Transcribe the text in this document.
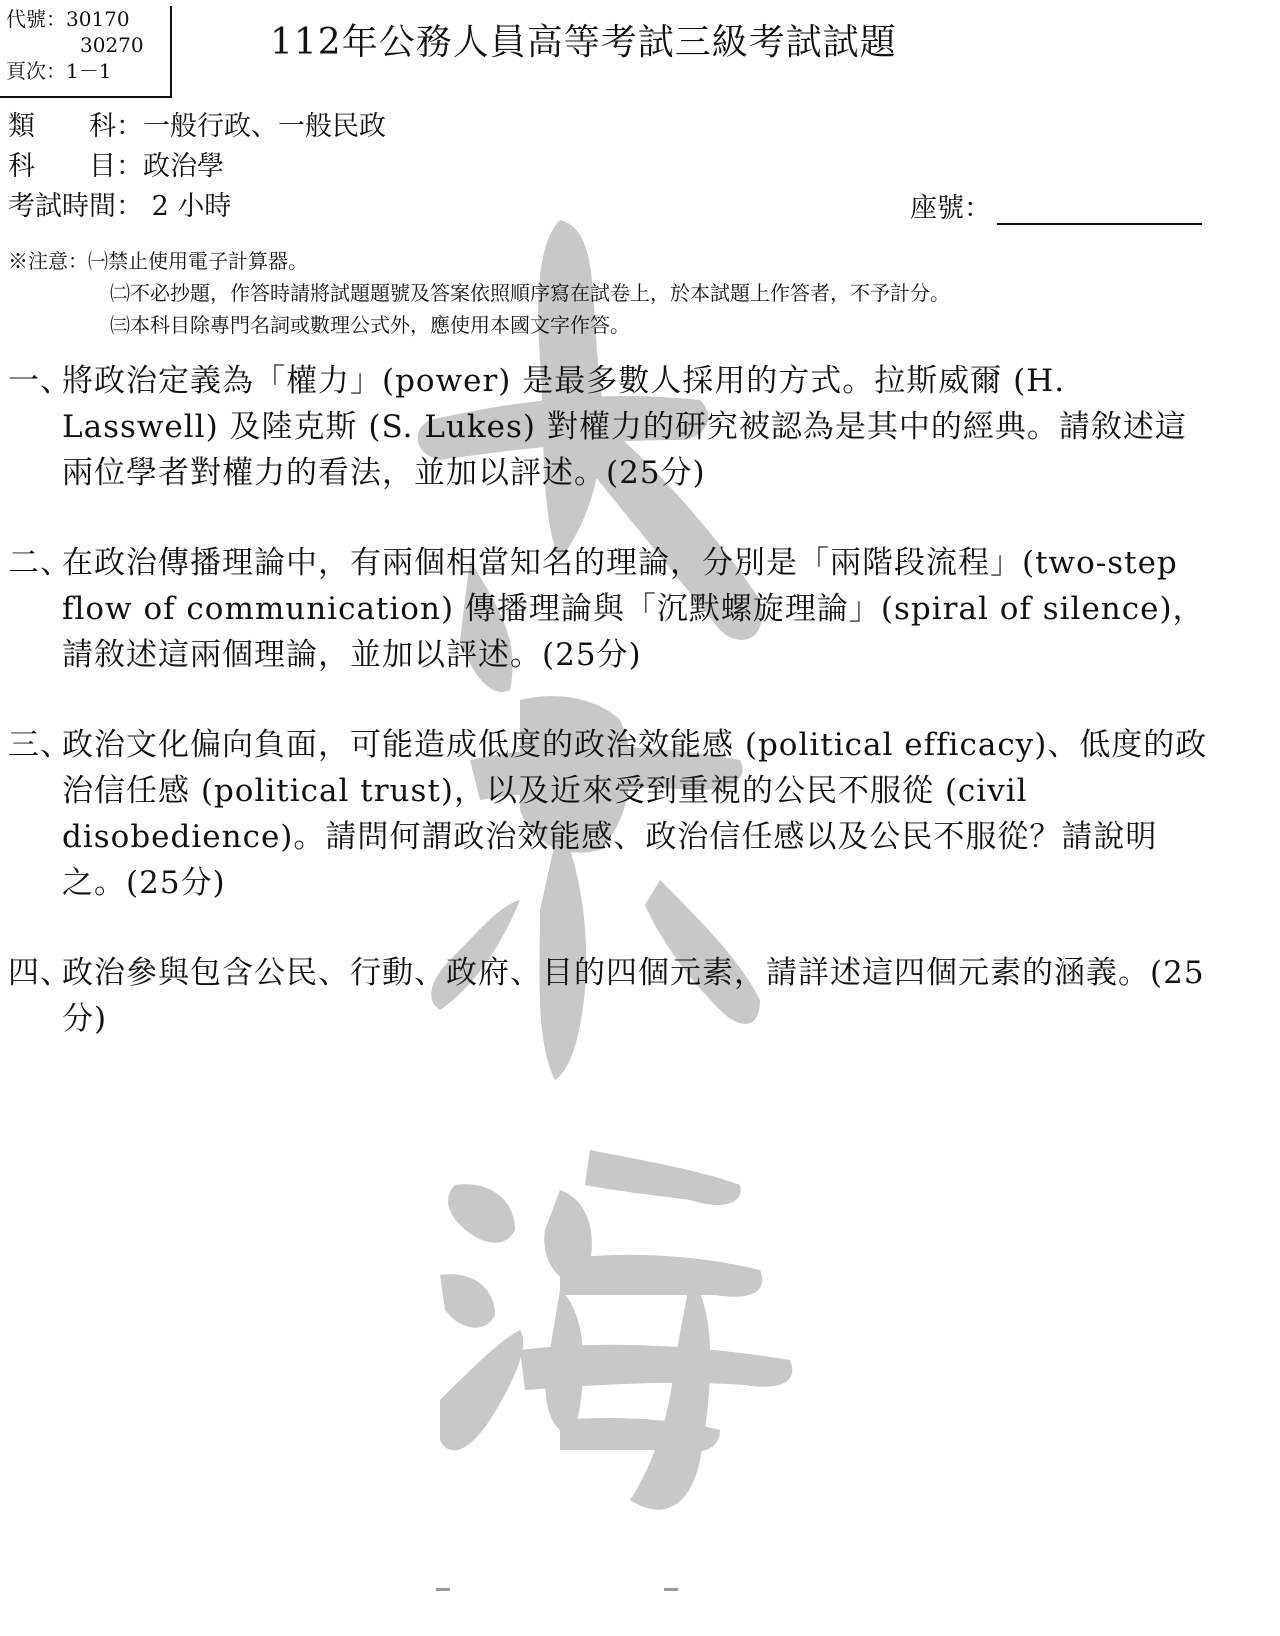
代號：30170
30270
頁次：1－1
112年公務人員高等考試三級考試試題
類　　科：一般行政、一般民政
科　　目：政治學
考試時間： 2 小時	座號：
※注意：㈠禁止使用電子計算器。
㈡不必抄題，作答時請將試題題號及答案依照順序寫在試卷上，於本試題上作答者，不予計分。
㈢本科目除專門名詞或數理公式外，應使用本國文字作答。
一、
將政治定義為「權力」(power) 是最多數人採用的方式。拉斯威爾 (H. Lasswell) 及陸克斯 (S. Lukes) 對權力的研究被認為是其中的經典。請敘述這兩位學者對權力的看法，並加以評述。(25分)
二、
在政治傳播理論中，有兩個相當知名的理論，分別是「兩階段流程」(two-step flow of communication) 傳播理論與「沉默螺旋理論」(spiral of silence)，請敘述這兩個理論，並加以評述。(25分)
三、
政治文化偏向負面，可能造成低度的政治效能感 (political efficacy)、低度的政治信任感 (political trust)，以及近來受到重視的公民不服從 (civil disobedience)。請問何謂政治效能感、政治信任感以及公民不服從？請說明之。(25分)
四、
政治參與包含公民、行動、政府、目的四個元素，請詳述這四個元素的涵義。(25分)
